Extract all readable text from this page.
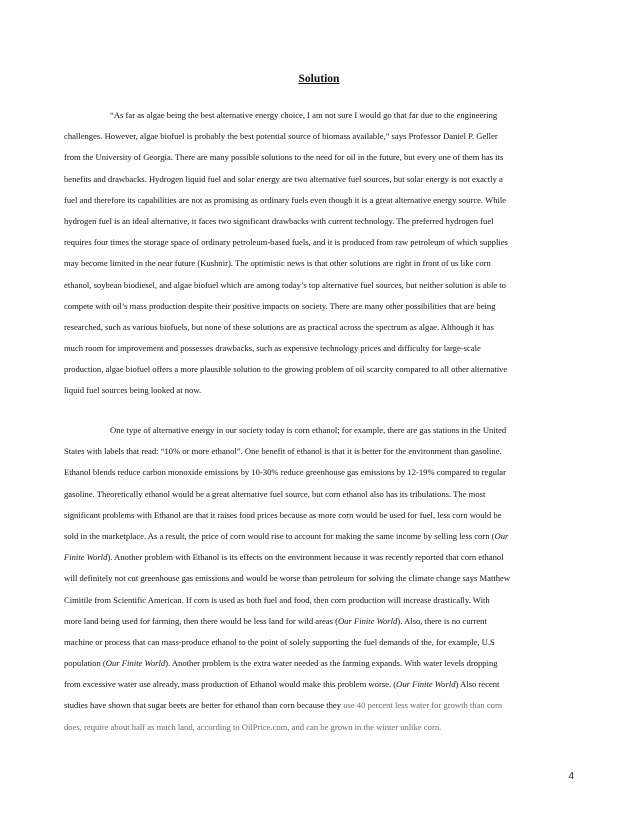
Solution
“As far as algae being the best alternative energy choice, I am not sure I would go that far due to the engineering
challenges. However, algae biofuel is probably the best potential source of biomass available,” says Professor Daniel P. Geller
from the University of Georgia. There are many possible solutions to the need for oil in the future, but every one of them has its
benefits and drawbacks. Hydrogen liquid fuel and solar energy are two alternative fuel sources, but solar energy is not exactly a
fuel and therefore its capabilities are not as promising as ordinary fuels even though it is a great alternative energy source. While
hydrogen fuel is an ideal alternative, it faces two significant drawbacks with current technology. The preferred hydrogen fuel
requires four times the storage space of ordinary petroleum-based fuels, and it is produced from raw petroleum of which supplies
may become limited in the near future (Kushnir). The optimistic news is that other solutions are right in front of us like corn
ethanol, soybean biodiesel, and algae biofuel which are among today’s top alternative fuel sources, but neither solution is able to
compete with oil’s mass production despite their positive impacts on society. There are many other possibilities that are being
researched, such as various biofuels, but none of these solutions are as practical across the spectrum as algae. Although it has
much room for improvement and possesses drawbacks, such as expensive technology prices and difficulty for large-scale
production, algae biofuel offers a more plausible solution to the growing problem of oil scarcity compared to all other alternative
liquid fuel sources being looked at now.
One type of alternative energy in our society today is corn ethanol; for example, there are gas stations in the United
States with labels that read: “10% or more ethanol”. One benefit of ethanol is that it is better for the environment than gasoline.
Ethanol blends reduce carbon monoxide emissions by 10-30% reduce greenhouse gas emissions by 12-19% compared to regular
gasoline. Theoretically ethanol would be a great alternative fuel source, but corn ethanol also has its tribulations. The most
significant problems with Ethanol are that it raises food prices because as more corn would be used for fuel, less corn would be
sold in the marketplace. As a result, the price of corn would rise to account for making the same income by selling less corn (Our
Finite World). Another problem with Ethanol is its effects on the environment because it was recently reported that corn ethanol
will definitely not cut greenhouse gas emissions and would be worse than petroleum for solving the climate change says Matthew
Cimitile from Scientific American. If corn is used as both fuel and food, then corn production will increase drastically. With
more land being used for farming, then there would be less land for wild areas (Our Finite World). Also, there is no current
machine or process that can mass-produce ethanol to the point of solely supporting the fuel demands of the, for example, U.S
population (Our Finite World). Another problem is the extra water needed as the farming expands. With water levels dropping
from excessive water use already, mass production of Ethanol would make this problem worse. (Our Finite World) Also recent
studies have shown that sugar beets are better for ethanol than corn because they use 40 percent less water for growth than corn
does, require about half as much land, according to OilPrice.com, and can be grown in the winter unlike corn.
4
